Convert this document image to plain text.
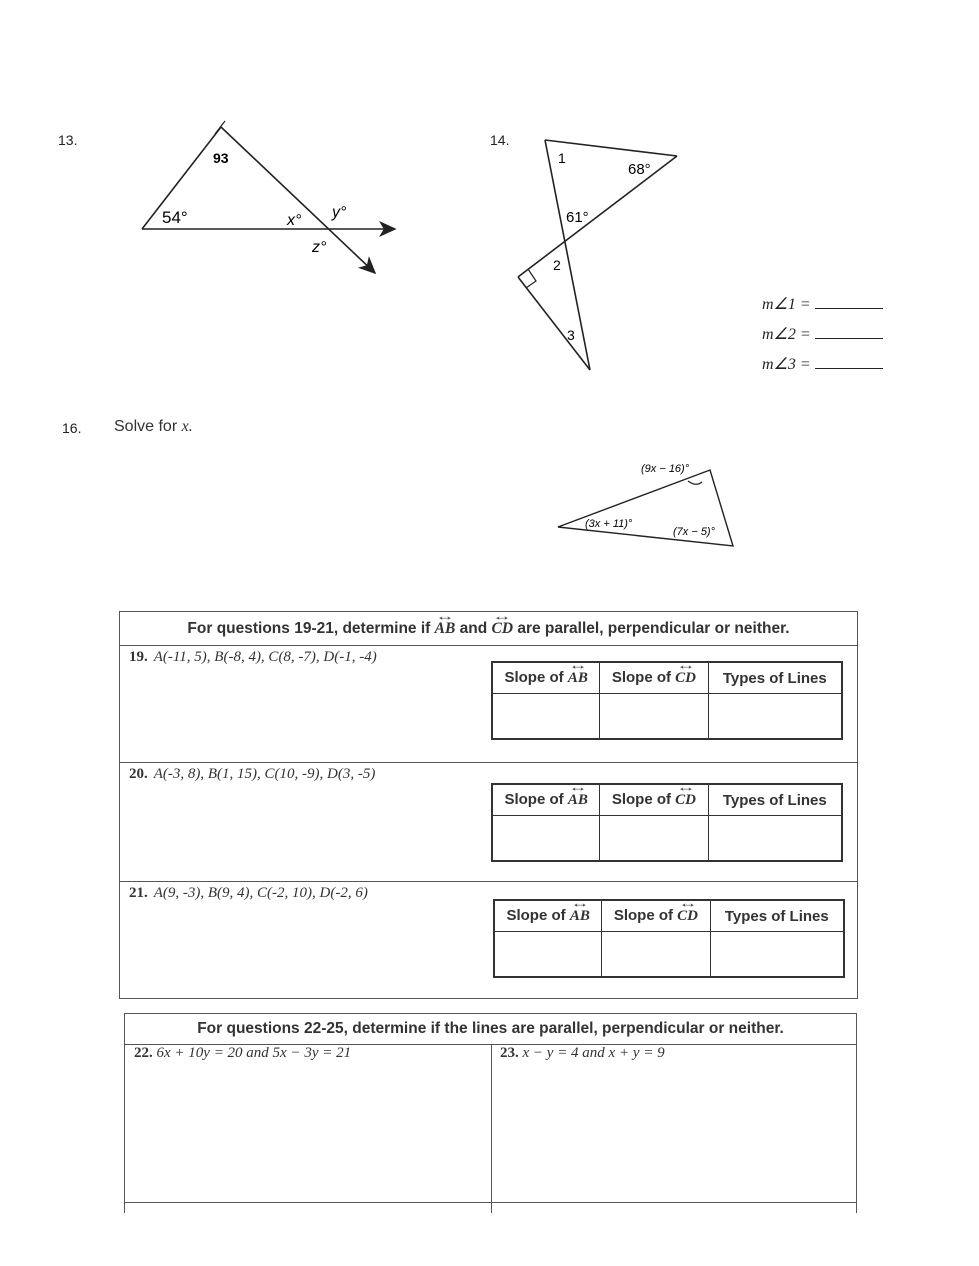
13.
93
54°	x° y°
z°
14.
1
68°
61°
2
3
m∠1 =
m∠2 =
m∠3 =
16. Solve for x.
(9x − 16)°
(3x + 11)°
(7x − 5)°
For questions 19-21, determine if ↔ AB and ↔ CD are parallel, perpendicular or neither.
19. A(-11, 5), B(-8, 4), C(8, -7), D(-1, -4)
Slope of ↔ AB	Slope of ↔ CD	Types of Lines

20. A(-3, 8), B(1, 15), C(10, -9), D(3, -5)
Slope of ↔ AB	Slope of ↔ CD	Types of Lines

21. A(9, -3), B(9, 4), C(-2, 10), D(-2, 6)
Slope of ↔ AB	Slope of ↔ CD	Types of Lines

For questions 22-25, determine if the lines are parallel, perpendicular or neither.
22. 6x + 10y = 20 and 5x − 3y = 21	23. x − y = 4 and x + y = 9
